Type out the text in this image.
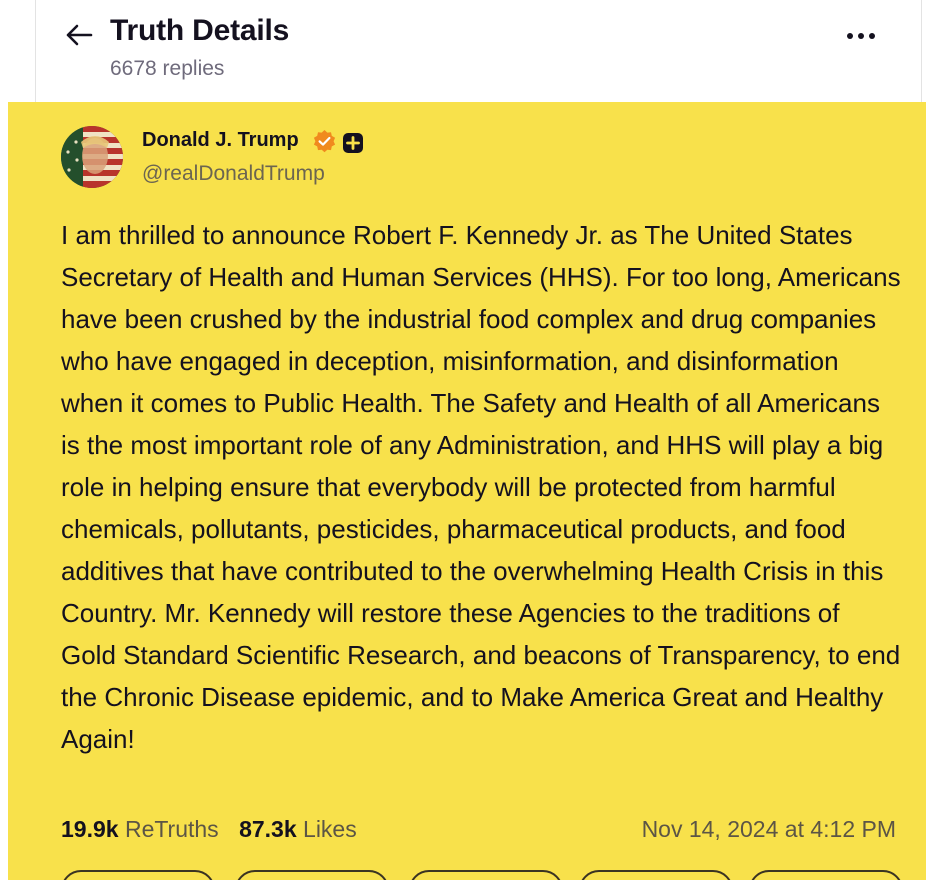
Truth Details
6678 replies
Donald J. Trump
@realDonaldTrump

I am thrilled to announce Robert F. Kennedy Jr. as The United States Secretary of Health and Human Services (HHS). For too long, Americans have been crushed by the industrial food complex and drug companies who have engaged in deception, misinformation, and disinformation when it comes to Public Health. The Safety and Health of all Americans is the most important role of any Administration, and HHS will play a big role in helping ensure that everybody will be protected from harmful chemicals, pollutants, pesticides, pharmaceutical products, and food additives that have contributed to the overwhelming Health Crisis in this Country. Mr. Kennedy will restore these Agencies to the traditions of Gold Standard Scientific Research, and beacons of Transparency, to end the Chronic Disease epidemic, and to Make America Great and Healthy Again!

19.9k ReTruths 87.3k Likes	Nov 14, 2024 at 4:12 PM
